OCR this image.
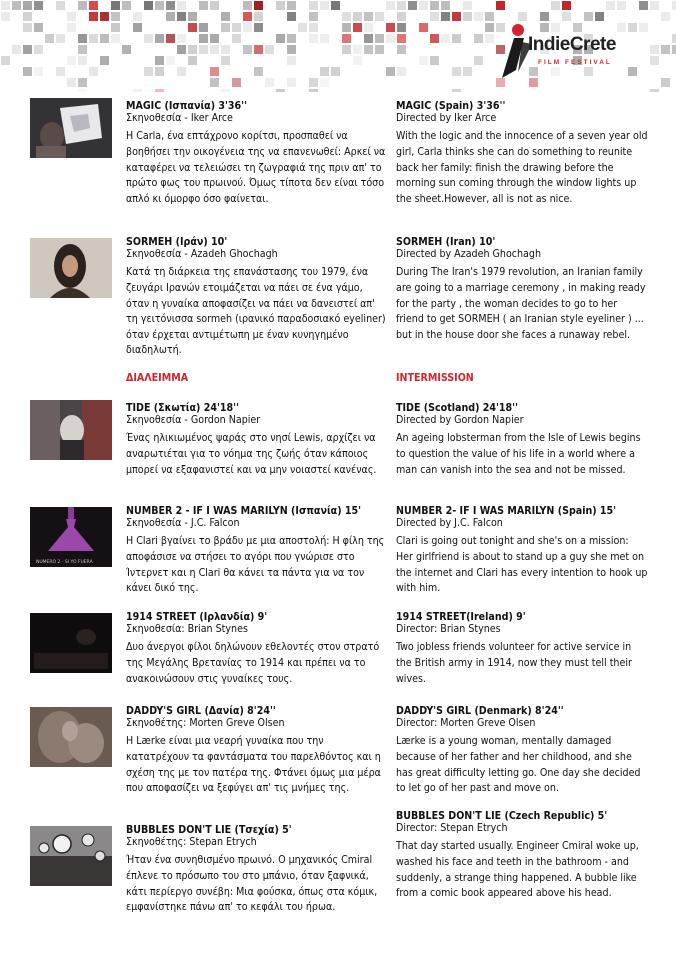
IndieCrete
FILM FESTIVAL
MAGIC (Ισπανία) 3'36''
Σκηνοθεσία - Iker Arce
Η Carla, ένα επτάχρονο κορίτσι, προσπαθεί να βοηθήσει την οικογένεια της να επανενωθεί: Αρκεί να καταφέρει να τελειώσει τη ζωγραφιά της πριν απ' το πρώτο φως του πρωινού. Όμως τίποτα δεν είναι τόσο απλό κι όμορφο όσο φαίνεται.
MAGIC (Spain) 3'36''
Directed by Iker Arce
With the logic and the innocence of a seven year old girl, Carla thinks she can do something to reunite back her family: finish the drawing before the morning sun coming through the window lights up the sheet.However, all is not as nice.
SORMEH (Ιράν) 10'
Σκηνοθεσία - Azadeh Ghochagh
Κατά τη διάρκεια της επανάστασης του 1979, ένα ζευγάρι Ιρανών ετοιμάζεται να πάει σε ένα γάμο, όταν η γυναίκα αποφασίζει να πάει να δανειστεί απ' τη γειτόνισσα sormeh (ιρανικό παραδοσιακό eyeliner) όταν έρχεται αντιμέτωπη με έναν κυνηγημένο διαδηλωτή.
SORMEH (Iran) 10'
Directed by Azadeh Ghochagh
During The Iran's 1979 revolution, an Iranian family are going to a marriage ceremony , in making ready for the party , the woman decides to go to her friend to get SORMEH ( an Iranian style eyeliner ) ... but in the house door she faces a runaway rebel.
ΔΙΑΛΕΙΜΜΑ	INTERMISSION
TIDE (Σκωτία) 24'18''
Σκηνοθεσία - Gordon Napier
Ένας ηλικιωμένος ψαράς στο νησί Lewis, αρχίζει να αναρωτιέται για το νόημα της ζωής όταν κάποιος μπορεί να εξαφανιστεί και να μην νοιαστεί κανένας.
TIDE (Scotland) 24'18''
Directed by Gordon Napier
An ageing lobsterman from the Isle of Lewis begins to question the value of his life in a world where a man can vanish into the sea and not be missed.
NUMERO 2 - SI YO FUERA
NUMBER 2 - IF I WAS MARILYN (Ισπανία) 15'
Σκηνοθεσία - J.C. Falcon
Η Clari βγαίνει το βράδυ με μια αποστολή: Η φίλη της αποφάσισε να στήσει το αγόρι που γνώρισε στο Ίντερνετ και η Clari θα κάνει τα πάντα για να τον κάνει δικό της.
NUMBER 2- IF I WAS MARILYN (Spain) 15'
Directed by J.C. Falcon
Clari is going out tonight and she's on a mission: Her girlfriend is about to stand up a guy she met on the internet and Clari has every intention to hook up with him.
1914 STREET (Ιρλανδία) 9'
Σκηνοθεσία: Brian Stynes
Δυο άνεργοι φίλοι δηλώνουν εθελοντές στον στρατό της Μεγάλης Βρετανίας το 1914 και πρέπει να το ανακοινώσουν στις γυναίκες τους.
1914 STREET(Ireland) 9'
Director: Brian Stynes
Two jobless friends volunteer for active service in the British army in 1914, now they must tell their wives.
DADDY'S GIRL (Δανία) 8'24''
Σκηνοθέτης: Morten Greve Olsen
Η Lærke είναι μια νεαρή γυναίκα που την κατατρέχουν τα φαντάσματα του παρελθόντος και η σχέση της με τον πατέρα της. Φτάνει όμως μια μέρα που αποφασίζει να ξεφύγει απ' τις μνήμες της.
DADDY'S GIRL (Denmark) 8'24''
Director: Morten Greve Olsen
Lærke is a young woman, mentally damaged because of her father and her childhood, and she has great difficulty letting go. One day she decided to let go of her past and move on.
BUBBLES DON'T LIE (Τσεχία) 5'
Σκηνοθέτης: Stepan Etrych
Ήταν ένα συνηθισμένο πρωινό. Ο μηχανικός Cmiral έπλενε το πρόσωπο του στο μπάνιο, όταν ξαφνικά, κάτι περίεργο συνέβη: Μια φούσκα, όπως στα κόμικ, εμφανίστηκε πάνω απ' το κεφάλι του ήρωα.
BUBBLES DON'T LIE (Czech Republic) 5'
Director: Stepan Etrych
That day started usually. Engineer Cmiral woke up, washed his face and teeth in the bathroom - and suddenly, a strange thing happened. A bubble like from a comic book appeared above his head.
